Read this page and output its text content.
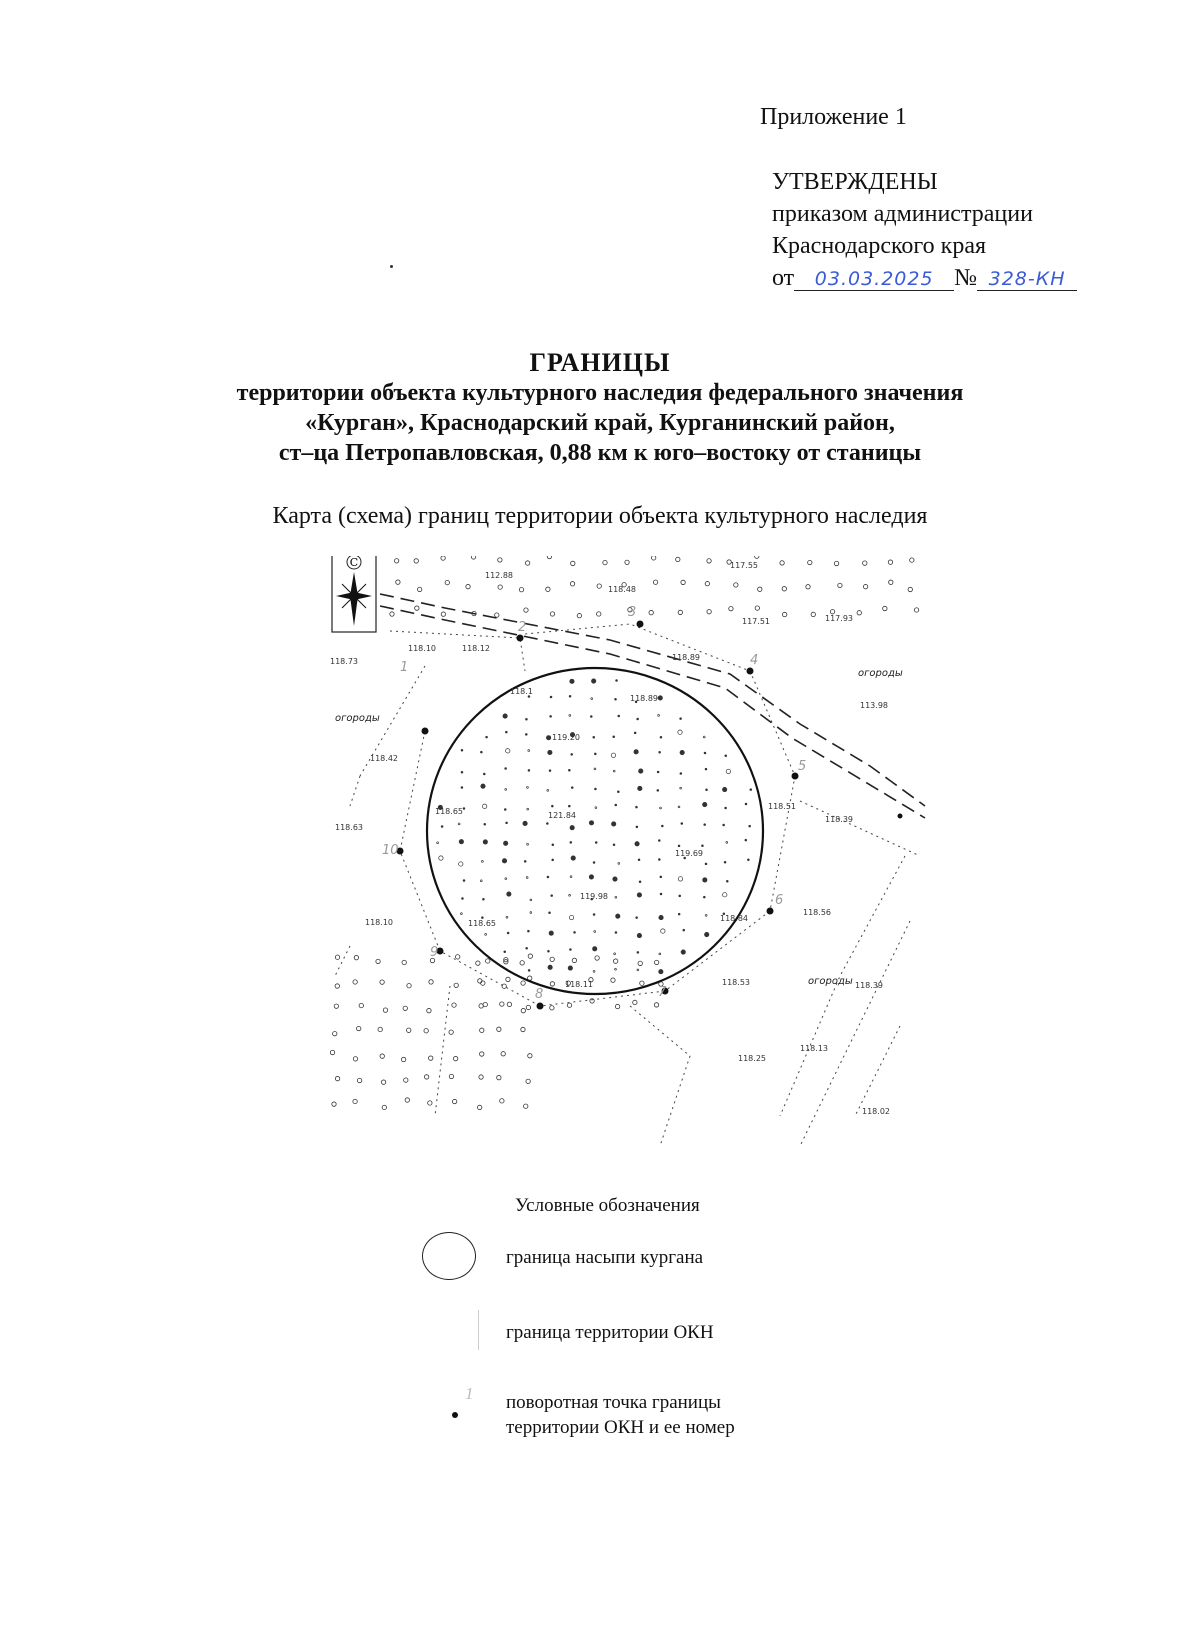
Приложение 1
УТВЕРЖДЕНЫ
приказом администрации
Краснодарского края
от 03.03.2025 № 328-КН
ГРАНИЦЫ
территории объекта культурного наследия федерального значения
«Курган», Краснодарский край, Курганинский район,
ст–ца Петропавловская, 0,88 км к юго–востоку от станицы
Карта (схема) границ территории объекта культурного наследия
С
112.88
118.48
117.55
117.51	117.93
118.10	118.12
118.89
118.73
118.1
118.89
119.20
113.98
118.42
118.65	121.84
118.51
118.39
118.63
119.69
119.98
118.10	118.65
118.84
118.56
118.11	118.53	118.39
118.25
118.13
118.02
огороды
огороды
огороды
1
2
3
4
5
6
7
8
9
10
Условные обозначения
граница насыпи кургана
граница территории ОКН
1 поворотная точка границы
территории ОКН и ее номер
